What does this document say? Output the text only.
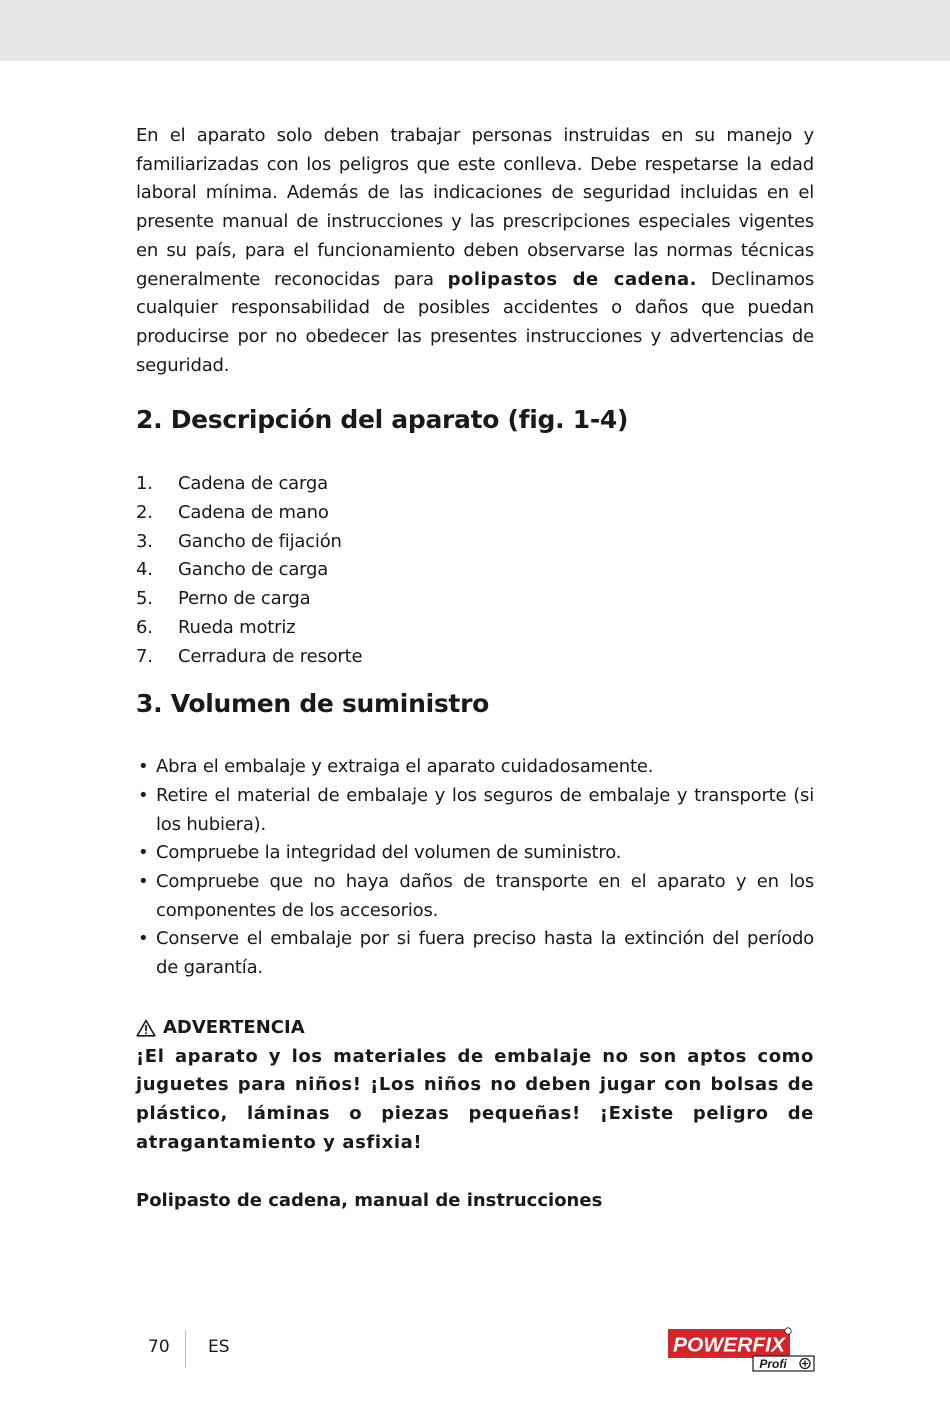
En el aparato solo deben trabajar personas instruidas en su manejo y familiarizadas con los peligros que este conlleva. Debe respetarse la edad laboral mínima. Además de las indicaciones de seguridad incluidas en el presente manual de instrucciones y las prescripciones especiales vigentes en su país, para el funcionamiento deben observarse las normas técnicas generalmente reconocidas para polipastos de cadena. Declinamos cualquier responsabilidad de posibles accidentes o daños que puedan producirse por no obedecer las presentes instrucciones y advertencias de seguridad.

2. Descripción del aparato (fig. 1-4)
1.	Cadena de carga
2.	Cadena de mano
3.	Gancho de fijación
4.	Gancho de carga
5.	Perno de carga
6.	Rueda motriz
7.	Cerradura de resorte
3. Volumen de suministro
• Abra el embalaje y extraiga el aparato cuidadosamente.
• Retire el material de embalaje y los seguros de embalaje y transporte (si los hubiera).
• Compruebe la integridad del volumen de suministro.
• Compruebe que no haya daños de transporte en el aparato y en los componentes de los accesorios.
• Conserve el embalaje por si fuera preciso hasta la extinción del período de garantía.
ADVERTENCIA

¡El aparato y los materiales de embalaje no son aptos como juguetes para niños! ¡Los niños no deben jugar con bolsas de plástico, láminas o piezas pequeñas! ¡Existe peligro de atragantamiento y asfixia!

Polipasto de cadena, manual de instrucciones
70 ES	POWERFIX
Profi
